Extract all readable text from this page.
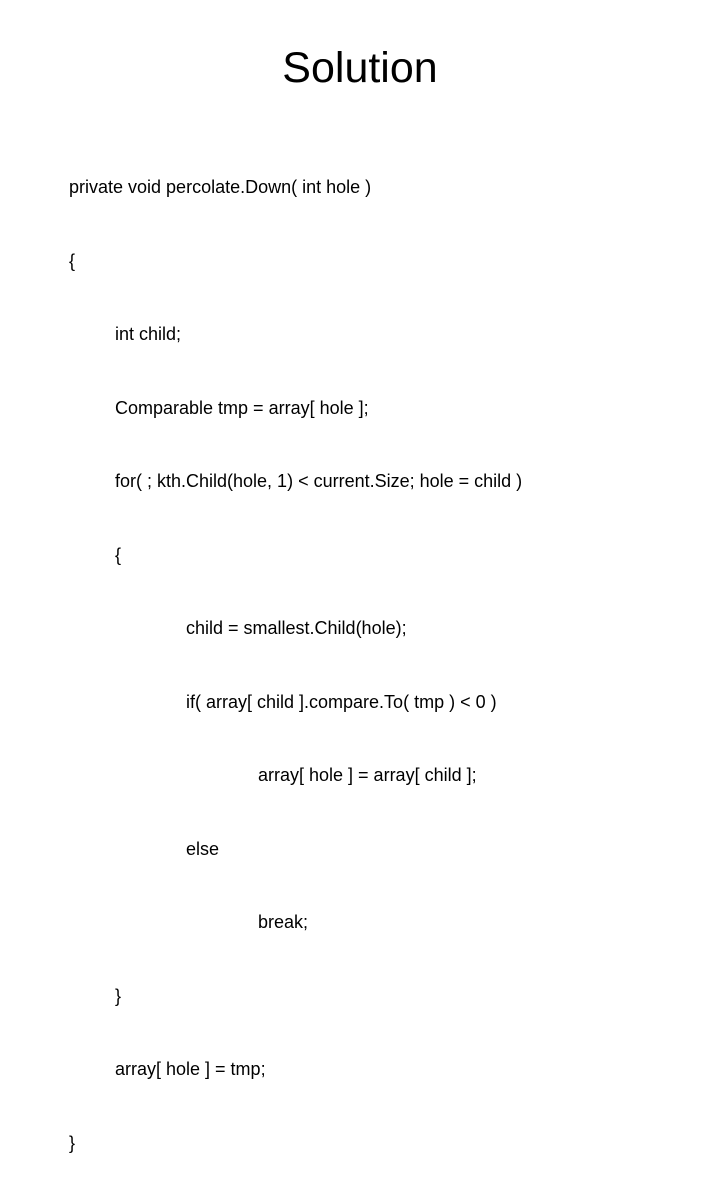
Solution

private void percolate.Down( int hole )

{

int child;

Comparable tmp = array[ hole ];

for( ; kth.Child(hole, 1) < current.Size; hole = child )

{

child = smallest.Child(hole);

if( array[ child ].compare.To( tmp ) < 0 )

array[ hole ] = array[ child ];

else

break;

}

array[ hole ] = tmp;

}
